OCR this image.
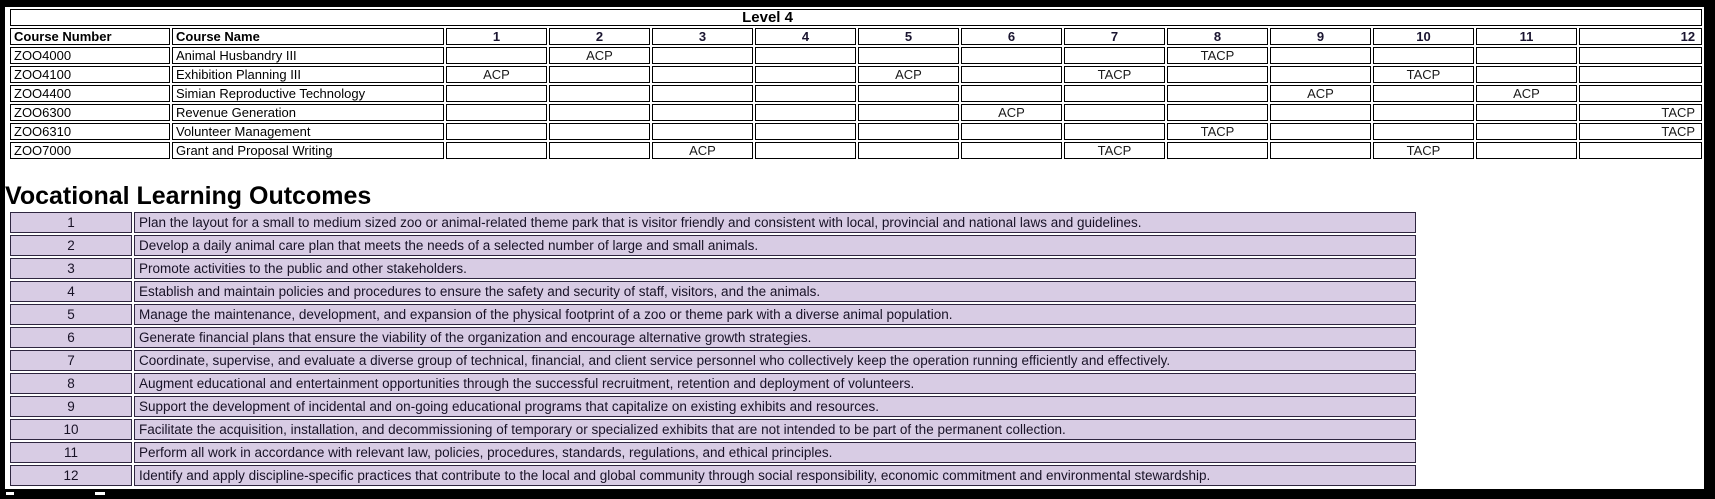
Level 4													
Course Number	Course Name	1	2	3	4	5	6	7	8	9	10	11	12
ZOO4000	Animal Husbandry III		ACP						TACP				
ZOO4100	Exhibition Planning III	ACP				ACP		TACP			TACP		
ZOO4400	Simian Reproductive Technology									ACP		ACP	
ZOO6300	Revenue Generation						ACP						TACP
ZOO6310	Volunteer Management								TACP				TACP
ZOO7000	Grant and Proposal Writing			ACP				TACP			TACP		
Vocational Learning Outcomes
1	Plan the layout for a small to medium sized zoo or animal-related theme park that is visitor friendly and consistent with local, provincial and national laws and guidelines.
2	Develop a daily animal care plan that meets the needs of a selected number of large and small animals.
3	Promote activities to the public and other stakeholders.
4	Establish and maintain policies and procedures to ensure the safety and security of staff, visitors, and the animals.
5	Manage the maintenance, development, and expansion of the physical footprint of a zoo or theme park with a diverse animal population.
6	Generate financial plans that ensure the viability of the organization and encourage alternative growth strategies.
7	Coordinate, supervise, and evaluate a diverse group of technical, financial, and client service personnel who collectively keep the operation running efficiently and effectively.
8	Augment educational and entertainment opportunities through the successful recruitment, retention and deployment of volunteers.
9	Support the development of incidental and on-going educational programs that capitalize on existing exhibits and resources.
10	Facilitate the acquisition, installation, and decommissioning of temporary or specialized exhibits that are not intended to be part of the permanent collection.
11	Perform all work in accordance with relevant law, policies, procedures, standards, regulations, and ethical principles.
12	Identify and apply discipline-specific practices that contribute to the local and global community through social responsibility, economic commitment and environmental stewardship.
